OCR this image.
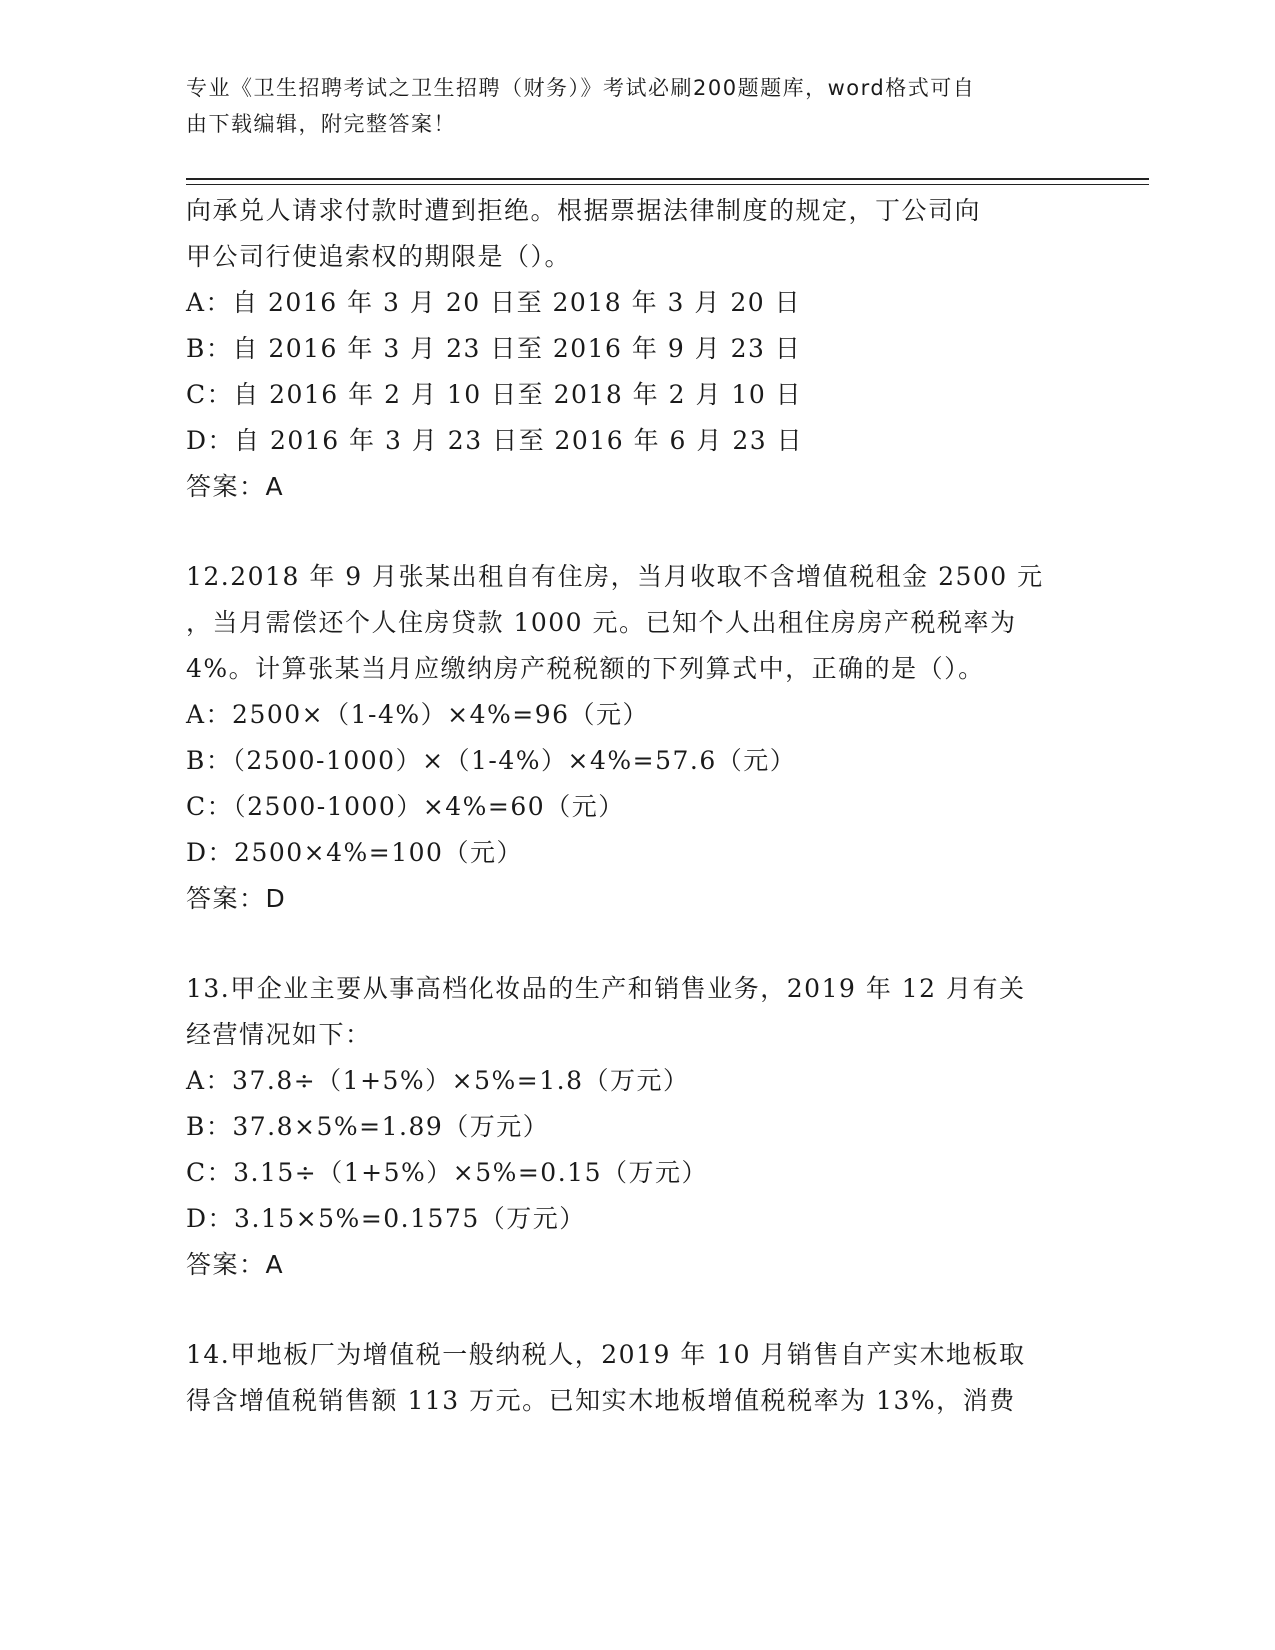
专业《卫生招聘考试之卫生招聘（财务）》考试必刷200题题库，word格式可自
由下载编辑，附完整答案！
向承兑人请求付款时遭到拒绝。根据票据法律制度的规定，丁公司向
甲公司行使追索权的期限是（）。
A：自 2016 年 3 月 20 日至 2018 年 3 月 20 日
B：自 2016 年 3 月 23 日至 2016 年 9 月 23 日
C：自 2016 年 2 月 10 日至 2018 年 2 月 10 日
D：自 2016 年 3 月 23 日至 2016 年 6 月 23 日
答案：A
12.2018 年 9 月张某出租自有住房，当月收取不含增值税租金 2500 元
，当月需偿还个人住房贷款 1000 元。已知个人出租住房房产税税率为
4%。计算张某当月应缴纳房产税税额的下列算式中，正确的是（）。
A：2500×（1-4%）×4%=96（元）
B：（2500-1000）×（1-4%）×4%=57.6（元）
C：（2500-1000）×4%=60（元）
D：2500×4%=100（元）
答案：D
13.甲企业主要从事高档化妆品的生产和销售业务，2019 年 12 月有关
经营情况如下：
A：37.8÷（1+5%）×5%=1.8（万元）
B：37.8×5%=1.89（万元）
C：3.15÷（1+5%）×5%=0.15（万元）
D：3.15×5%=0.1575（万元）
答案：A
14.甲地板厂为增值税一般纳税人，2019 年 10 月销售自产实木地板取
得含增值税销售额 113 万元。已知实木地板增值税税率为 13%，消费
